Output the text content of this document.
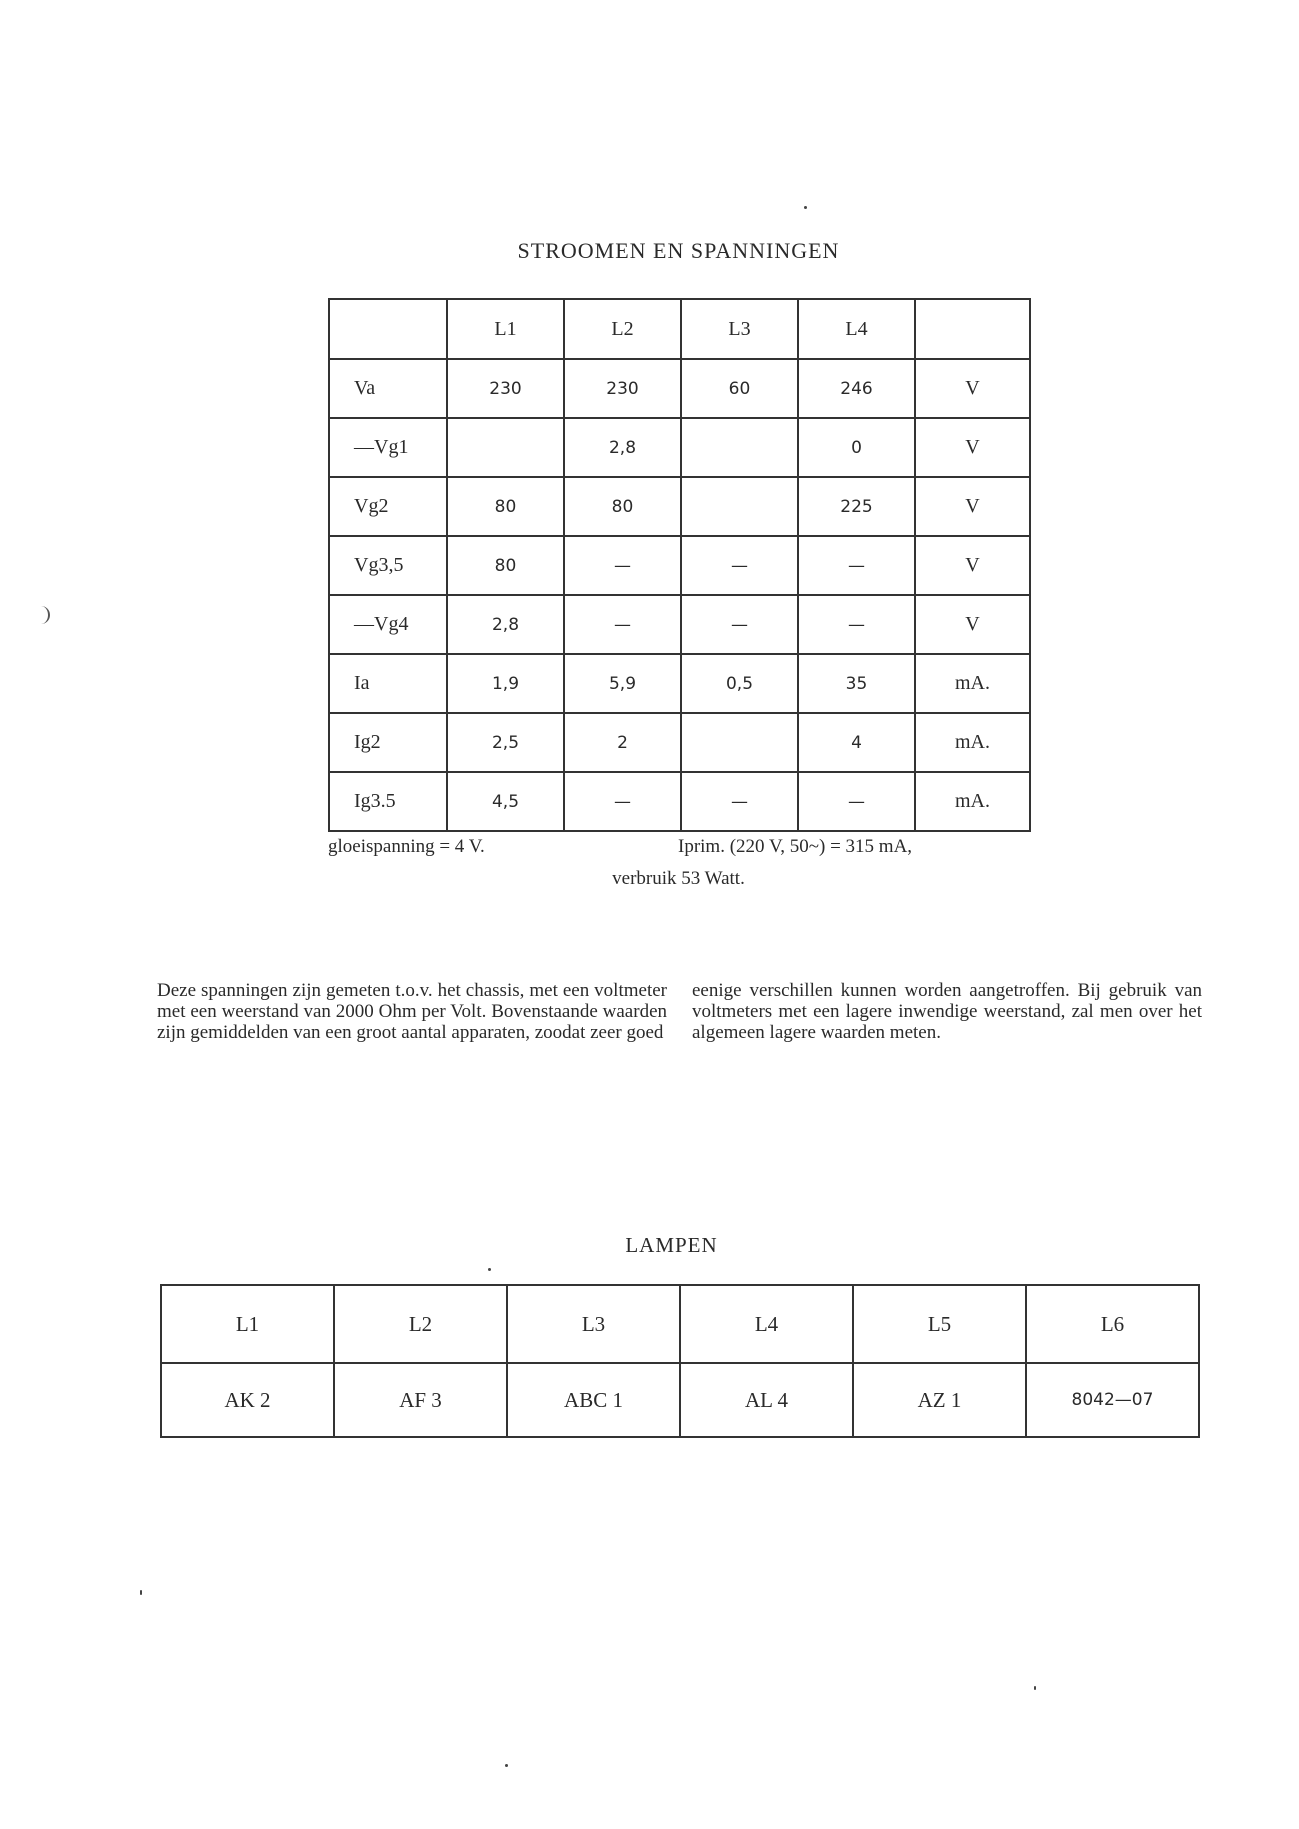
STROOMEN EN SPANNINGEN
	L1	L2	L3	L4	
Va	230	230	60	246	V
—Vg1		2,8		0	V
Vg2	80	80		225	V
Vg3,5	80	—	—	—	V
—Vg4	2,8	—	—	—	V
Ia	1,9	5,9	0,5	35	mA.
Ig2	2,5	2		4	mA.
Ig3.5	4,5	—	—	—	mA.
gloeispanning = 4 V.	Iprim. (220 V, 50~) = 315 mA,
verbruik 53 Watt.
Deze spanningen zijn gemeten t.o.v. het chassis, met een voltmeter met een weerstand van 2000 Ohm per Volt. Bovenstaande waarden zijn gemiddelden van een groot aantal apparaten, zoodat zeer goed
eenige verschillen kunnen worden aangetroffen. Bij gebruik van voltmeters met een lagere inwendige weerstand, zal men over het algemeen lagere waarden meten.
LAMPEN
L1	L2	L3	L4	L5	L6
AK 2	AF 3	ABC 1	AL 4	AZ 1	8042—07
